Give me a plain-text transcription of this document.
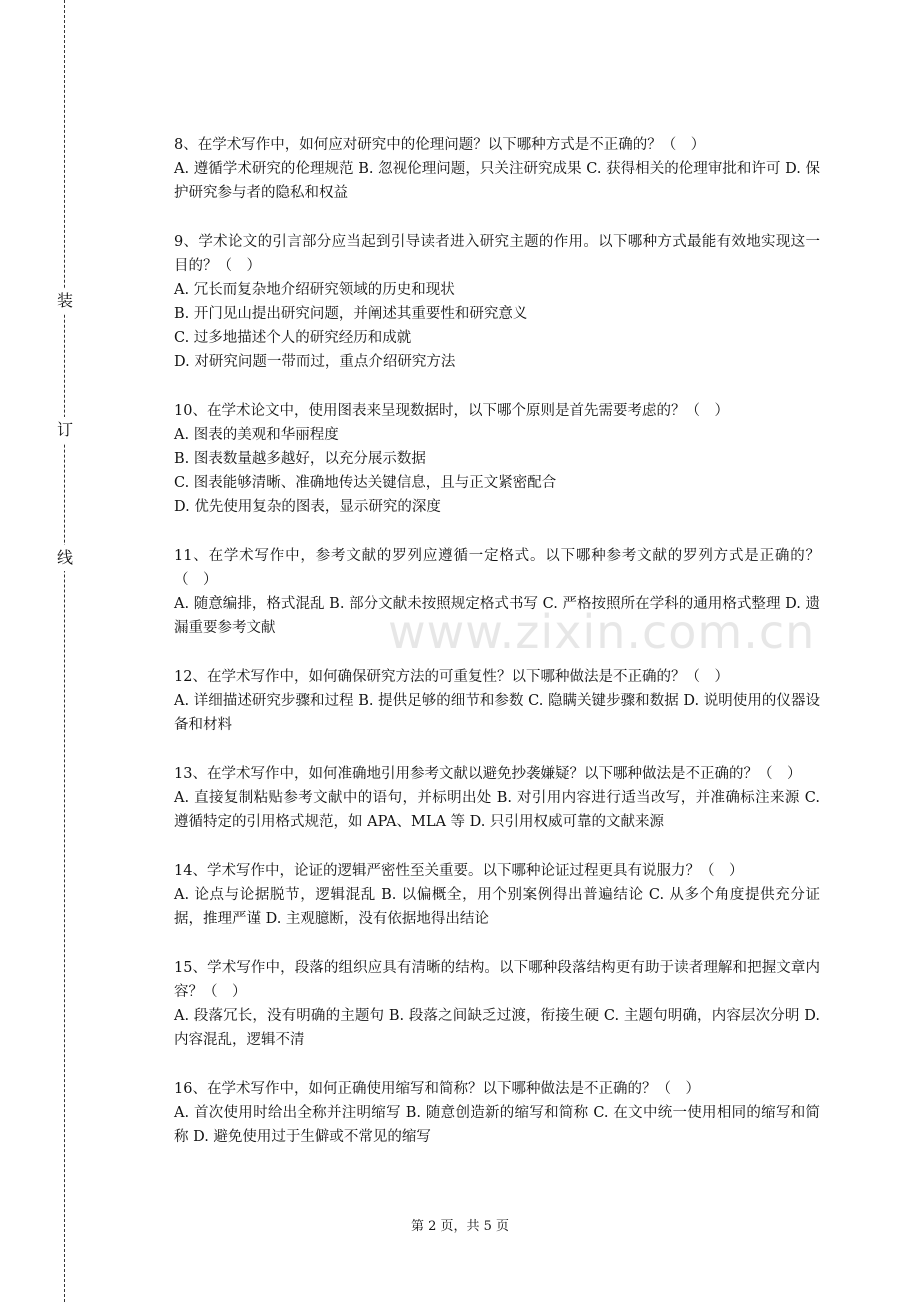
装
订
线
www.zixin.com.cn

8、在学术写作中，如何应对研究中的伦理问题？以下哪种方式是不正确的？（　）

A. 遵循学术研究的伦理规范 B. 忽视伦理问题，只关注研究成果 C. 获得相关的伦理审批和许可 D. 保护研究参与者的隐私和权益

9、学术论文的引言部分应当起到引导读者进入研究主题的作用。以下哪种方式最能有效地实现这一目的？（　）

A. 冗长而复杂地介绍研究领域的历史和现状

B. 开门见山提出研究问题，并阐述其重要性和研究意义

C. 过多地描述个人的研究经历和成就

D. 对研究问题一带而过，重点介绍研究方法

10、在学术论文中，使用图表来呈现数据时，以下哪个原则是首先需要考虑的？（　）

A. 图表的美观和华丽程度

B. 图表数量越多越好，以充分展示数据

C. 图表能够清晰、准确地传达关键信息，且与正文紧密配合

D. 优先使用复杂的图表，显示研究的深度

11、在学术写作中，参考文献的罗列应遵循一定格式。以下哪种参考文献的罗列方式是正确的？（　）

A. 随意编排，格式混乱 B. 部分文献未按照规定格式书写 C. 严格按照所在学科的通用格式整理 D. 遗漏重要参考文献

12、在学术写作中，如何确保研究方法的可重复性？以下哪种做法是不正确的？（　）

A. 详细描述研究步骤和过程 B. 提供足够的细节和参数 C. 隐瞒关键步骤和数据 D. 说明使用的仪器设备和材料

13、在学术写作中，如何准确地引用参考文献以避免抄袭嫌疑？以下哪种做法是不正确的？（　）

A. 直接复制粘贴参考文献中的语句，并标明出处 B. 对引用内容进行适当改写，并准确标注来源 C. 遵循特定的引用格式规范，如 APA、MLA 等 D. 只引用权威可靠的文献来源

14、学术写作中，论证的逻辑严密性至关重要。以下哪种论证过程更具有说服力？（　）

A. 论点与论据脱节，逻辑混乱 B. 以偏概全，用个别案例得出普遍结论 C. 从多个角度提供充分证据，推理严谨 D. 主观臆断，没有依据地得出结论

15、学术写作中，段落的组织应具有清晰的结构。以下哪种段落结构更有助于读者理解和把握文章内容？（　）

A. 段落冗长，没有明确的主题句 B. 段落之间缺乏过渡，衔接生硬 C. 主题句明确，内容层次分明 D. 内容混乱，逻辑不清

16、在学术写作中，如何正确使用缩写和简称？以下哪种做法是不正确的？（　）

A. 首次使用时给出全称并注明缩写 B. 随意创造新的缩写和简称 C. 在文中统一使用相同的缩写和简称 D. 避免使用过于生僻或不常见的缩写

第 2 页，共 5 页
